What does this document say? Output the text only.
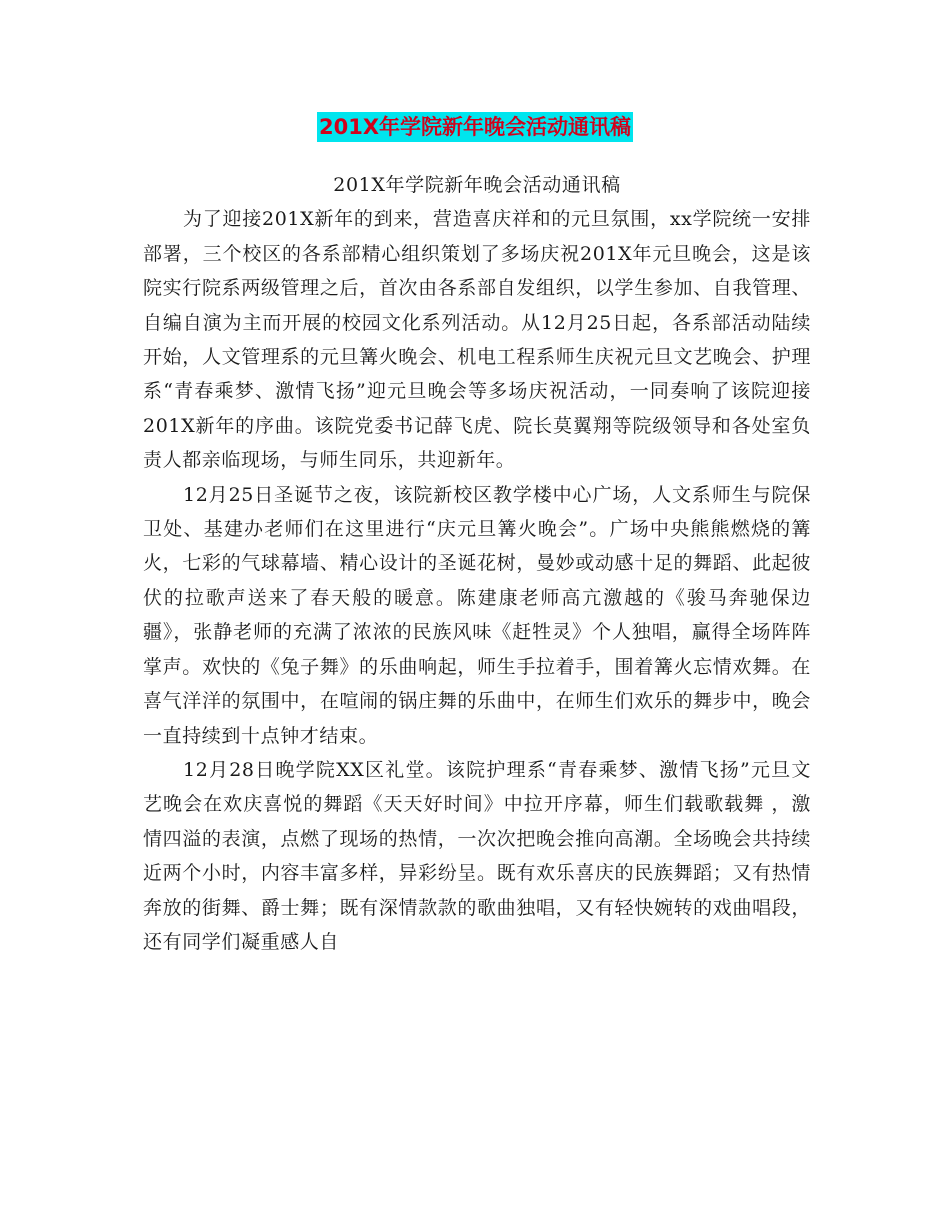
201X年学院新年晚会活动通讯稿

201X年学院新年晚会活动通讯稿

为了迎接201X新年的到来，营造喜庆祥和的元旦氛围，xx学院统一安排部署，三个校区的各系部精心组织策划了多场庆祝201X年元旦晚会，这是该院实行院系两级管理之后，首次由各系部自发组织，以学生参加、自我管理、自编自演为主而开展的校园文化系列活动。从12月25日起，各系部活动陆续开始，人文管理系的元旦篝火晚会、机电工程系师生庆祝元旦文艺晚会、护理系“青春乘梦、激情飞扬”迎元旦晚会等多场庆祝活动，一同奏响了该院迎接201X新年的序曲。该院党委书记薛飞虎、院长莫翼翔等院级领导和各处室负责人都亲临现场，与师生同乐，共迎新年。

12月25日圣诞节之夜，该院新校区教学楼中心广场，人文系师生与院保卫处、基建办老师们在这里进行“庆元旦篝火晚会”。广场中央熊熊燃烧的篝火，七彩的气球幕墙、精心设计的圣诞花树，曼妙或动感十足的舞蹈、此起彼伏的拉歌声送来了春天般的暖意。陈建康老师高亢激越的《骏马奔驰保边疆》，张静老师的充满了浓浓的民族风味《赶牲灵》个人独唱，赢得全场阵阵掌声。欢快的《兔子舞》的乐曲响起，师生手拉着手，围着篝火忘情欢舞。在喜气洋洋的氛围中，在喧闹的锅庄舞的乐曲中，在师生们欢乐的舞步中，晚会一直持续到十点钟才结束。

12月28日晚学院XX区礼堂。该院护理系“青春乘梦、激情飞扬”元旦文艺晚会在欢庆喜悦的舞蹈《天天好时间》中拉开序幕，师生们载歌载舞 ，激情四溢的表演，点燃了现场的热情，一次次把晚会推向高潮。全场晚会共持续近两个小时，内容丰富多样，异彩纷呈。既有欢乐喜庆的民族舞蹈；又有热情奔放的街舞、爵士舞；既有深情款款的歌曲独唱，又有轻快婉转的戏曲唱段，还有同学们凝重感人自
